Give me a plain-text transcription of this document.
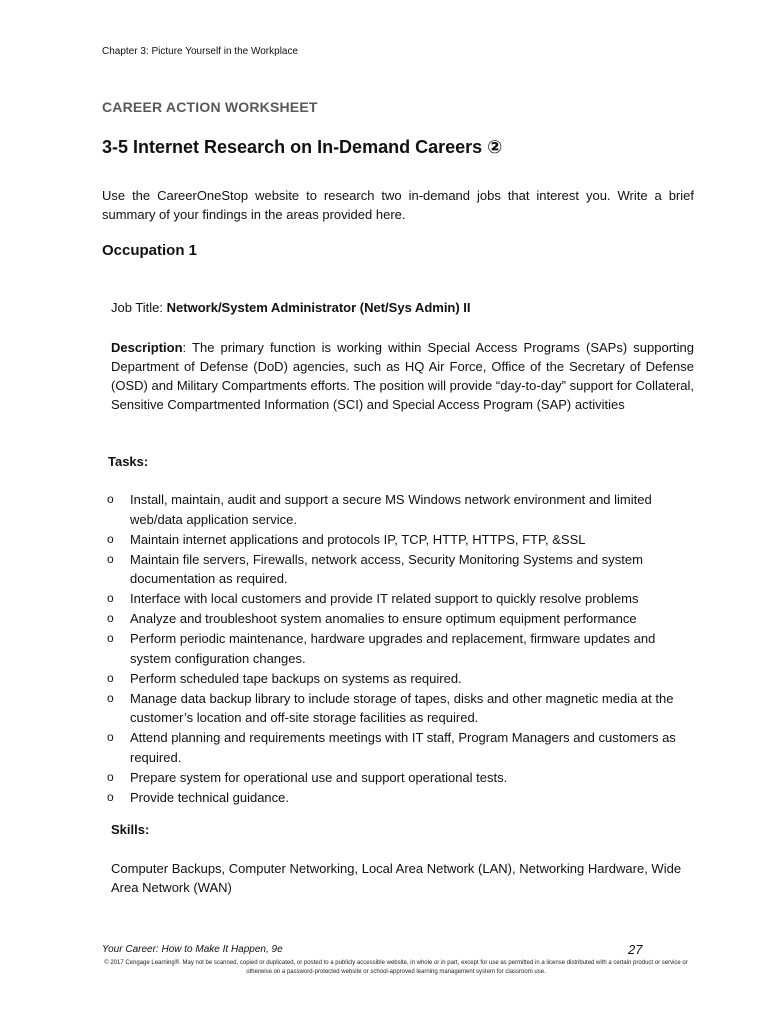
Chapter 3: Picture Yourself in the Workplace
CAREER ACTION WORKSHEET
3-5 Internet Research on In-Demand Careers ②

Use the CareerOneStop website to research two in-demand jobs that interest you. Write a brief summary of your findings in the areas provided here.

Occupation 1

Job Title: Network/System Administrator (Net/Sys Admin) II

Description: The primary function is working within Special Access Programs (SAPs) supporting Department of Defense (DoD) agencies, such as HQ Air Force, Office of the Secretary of Defense (OSD) and Military Compartments efforts. The position will provide “day-to-day” support for Collateral, Sensitive Compartmented Information (SCI) and Special Access Program (SAP) activities

Tasks:

o Install, maintain, audit and support a secure MS Windows network environment and limited web/data application service.
o Maintain internet applications and protocols IP, TCP, HTTP, HTTPS, FTP, &SSL
o Maintain file servers, Firewalls, network access, Security Monitoring Systems and system documentation as required.
o Interface with local customers and provide IT related support to quickly resolve problems
o Analyze and troubleshoot system anomalies to ensure optimum equipment performance
o Perform periodic maintenance, hardware upgrades and replacement, firmware updates and system configuration changes.
o Perform scheduled tape backups on systems as required.
o Manage data backup library to include storage of tapes, disks and other magnetic media at the customer’s location and off-site storage facilities as required.
o Attend planning and requirements meetings with IT staff, Program Managers and customers as required.
o Prepare system for operational use and support operational tests.
o Provide technical guidance.

Skills:

Computer Backups, Computer Networking, Local Area Network (LAN), Networking Hardware, Wide Area Network (WAN)

Your Career: How to Make It Happen, 9e	27

© 2017 Cengage Learning®. May not be scanned, copied or duplicated, or posted to a publicly accessible website, in whole or in part, except for use as permitted in a license distributed with a certain product or service or otherwise on a password-protected website or school-approved learning management system for classroom use.
